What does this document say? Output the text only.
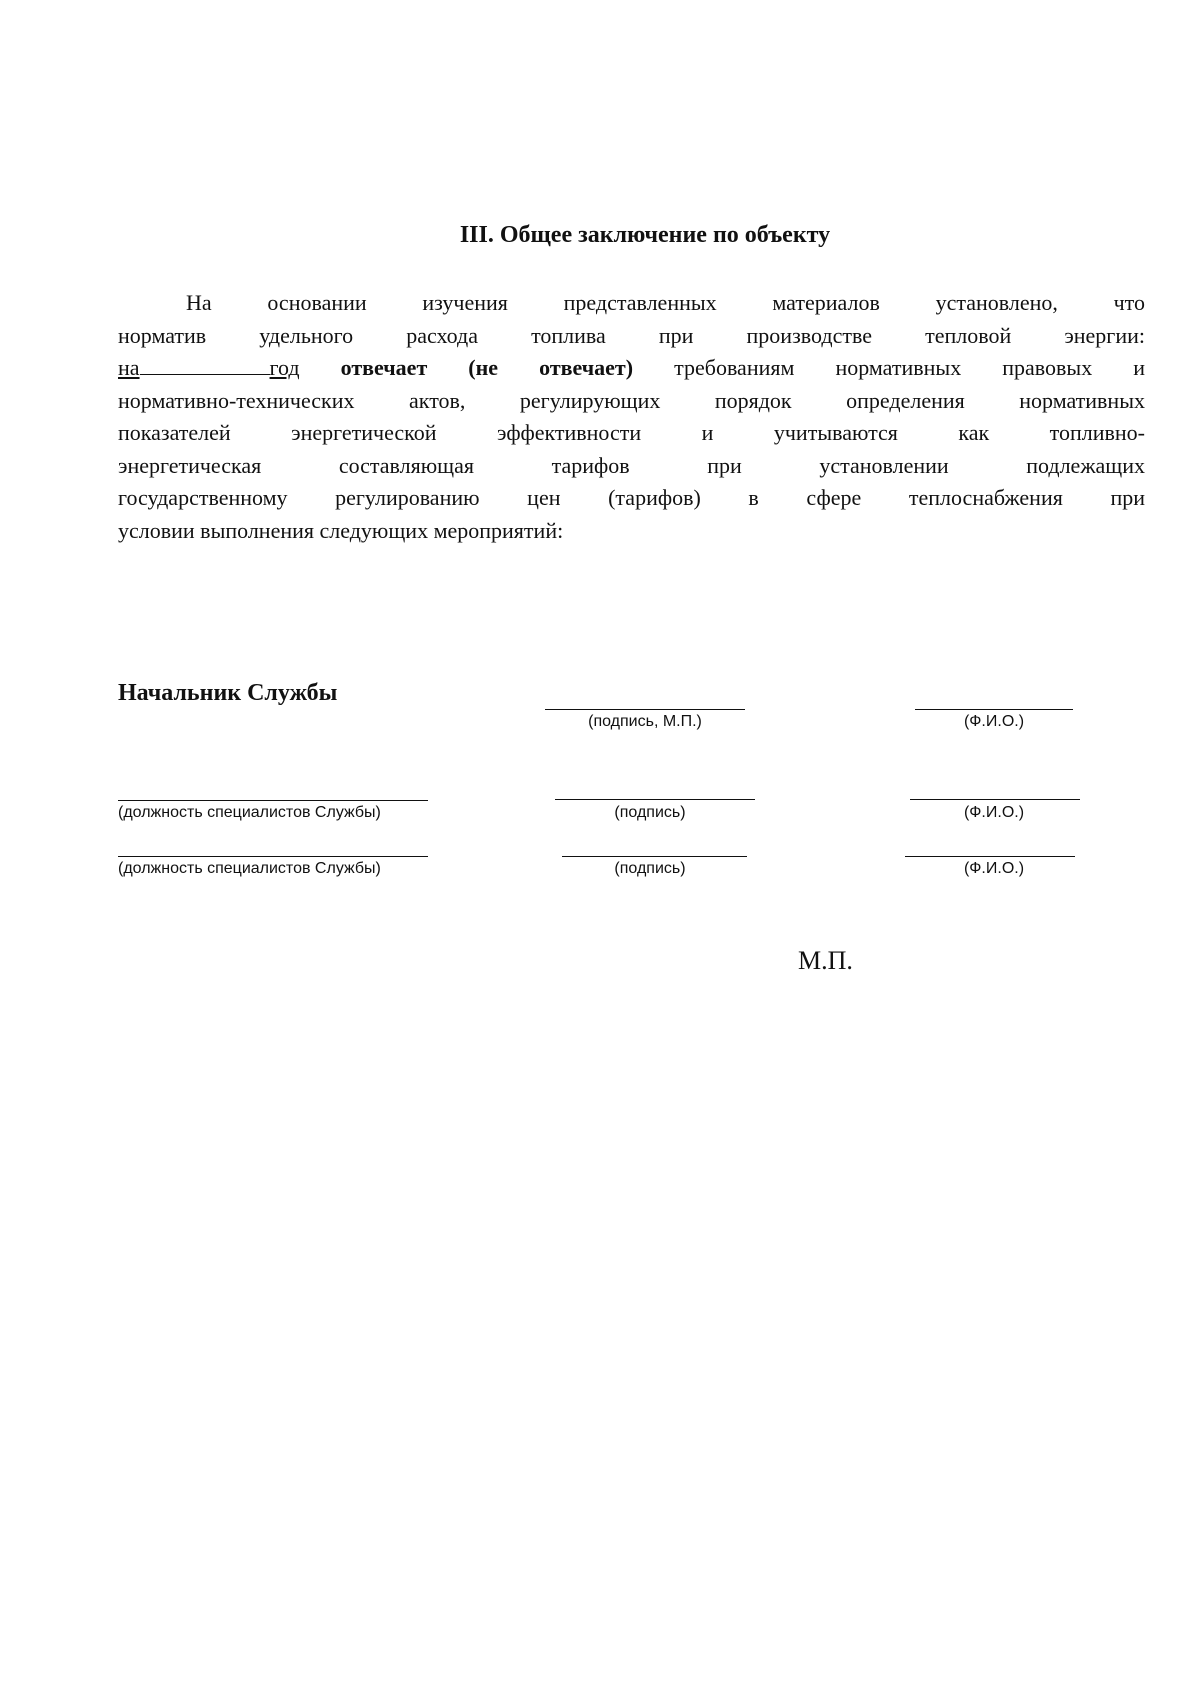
III. Общее заключение по объекту
На основании изучения представленных материалов установлено, что
норматив удельного расхода топлива при производстве тепловой энергии:
на	год отвечает (не отвечает) требованиям нормативных правовых и
нормативно-технических актов, регулирующих порядок определения нормативных
показателей энергетической эффективности и учитываются как топливно-
энергетическая составляющая тарифов при установлении подлежащих
государственному регулированию цен (тарифов) в сфере теплоснабжения при
условии выполнения следующих мероприятий:
Начальник Службы
(подпись, М.П.)	(Ф.И.О.)
(должность специалистов Службы)	(подпись)	(Ф.И.О.)
(должность специалистов Службы)	(подпись)	(Ф.И.О.)
М.П.
